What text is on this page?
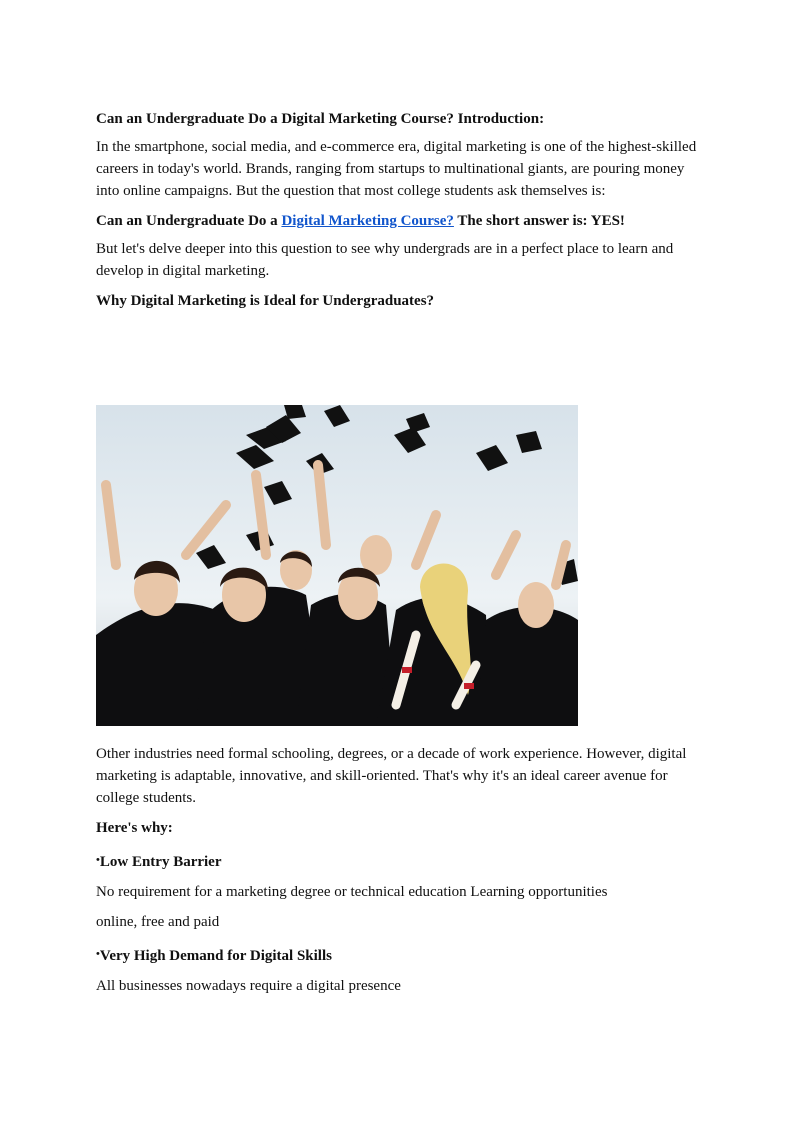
Can an Undergraduate Do a Digital Marketing Course? Introduction:

In the smartphone, social media, and e-commerce era, digital marketing is one of the highest-skilled careers in today's world. Brands, ranging from startups to multinational giants, are pouring money into online campaigns. But the question that most college students ask themselves is:

Can an Undergraduate Do a Digital Marketing Course? The short answer is: YES!

But let's delve deeper into this question to see why undergrads are in a perfect place to learn and develop in digital marketing.

Why Digital Marketing is Ideal for Undergraduates?

Other industries need formal schooling, degrees, or a decade of work experience. However, digital marketing is adaptable, innovative, and skill-oriented. That's why it's an ideal career avenue for college students.

Here's why:

•Low Entry Barrier

No requirement for a marketing degree or technical education Learning opportunities

online, free and paid

•Very High Demand for Digital Skills

All businesses nowadays require a digital presence
